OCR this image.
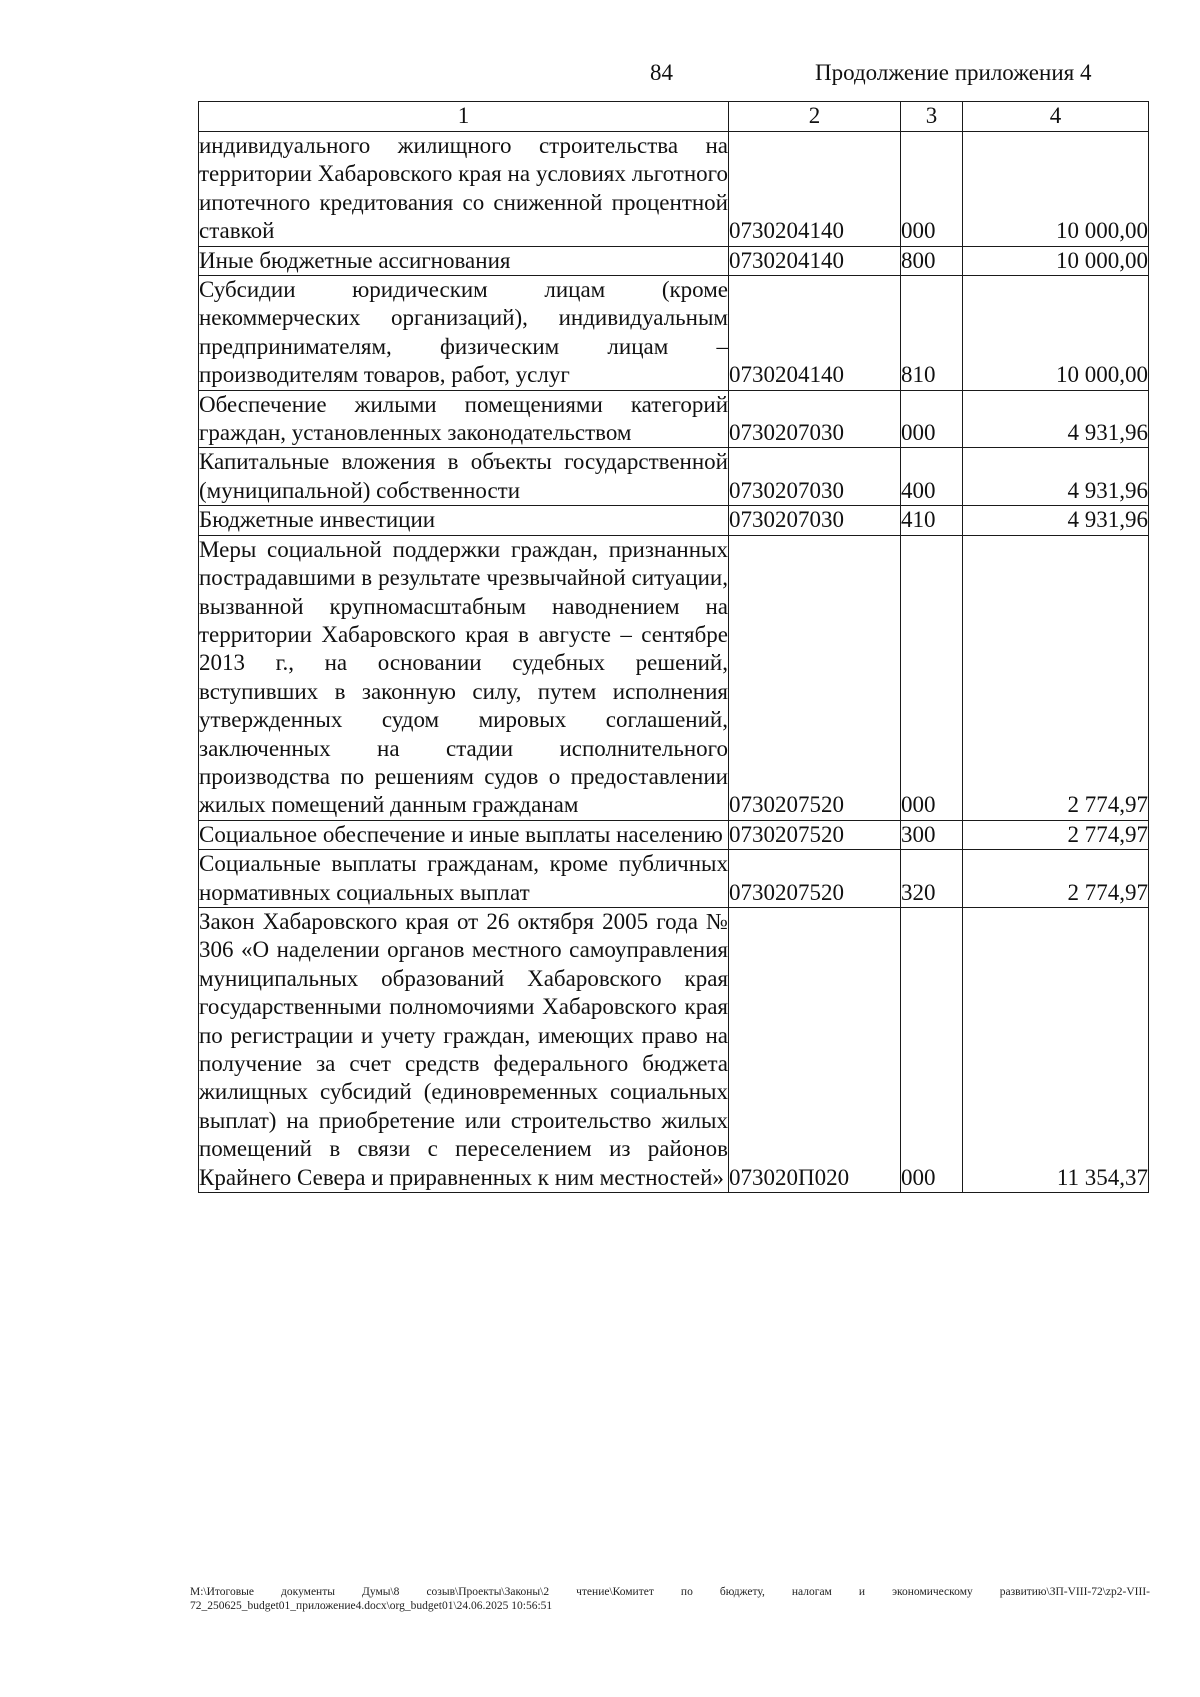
84	Продолжение приложения 4
1	2	3	4
индивидуального жилищного строительства на территории Хабаровского края на условиях льготного ипотечного кредитования со сниженной процентной ставкой	0730204140	000	10 000,00
Иные бюджетные ассигнования	0730204140	800	10 000,00
Субсидии юридическим лицам (кроме некоммерческих организаций), индивидуальным предпринимателям, физическим лицам – производителям товаров, работ, услуг	0730204140	810	10 000,00
Обеспечение жилыми помещениями категорий граждан, установленных законодательством	0730207030	000	4 931,96
Капитальные вложения в объекты государственной (муниципальной) собственности	0730207030	400	4 931,96
Бюджетные инвестиции	0730207030	410	4 931,96
Меры социальной поддержки граждан, признанных пострадавшими в результате чрезвычайной ситуации, вызванной крупномасштабным наводнением на территории Хабаровского края в августе – сентябре 2013 г., на основании судебных решений, вступивших в законную силу, путем исполнения утвержденных судом мировых соглашений, заключенных на стадии исполнительного производства по решениям судов о предоставлении жилых помещений данным гражданам	0730207520	000	2 774,97
Социальное обеспечение и иные выплаты населению	0730207520	300	2 774,97
Социальные выплаты гражданам, кроме публичных нормативных социальных выплат	0730207520	320	2 774,97
Закон Хабаровского края от 26 октября 2005 года № 306 «О наделении органов местного самоуправления муниципальных образований Хабаровского края государственными полномочиями Хабаровского края по регистрации и учету граждан, имеющих право на получение за счет средств федерального бюджета жилищных субсидий (единовременных социальных выплат) на приобретение или строительство жилых помещений в связи с переселением из районов Крайнего Севера и приравненных к ним местностей»	073020П020	000	11 354,37
M:\Итоговые документы Думы\8 созыв\Проекты\Законы\2 чтение\Комитет по бюджету, налогам и экономическому развитию\ЗП-VIII-72\zp2-VIII-72_250625_budget01_приложение4.docx\org_budget01\24.06.2025 10:56:51
